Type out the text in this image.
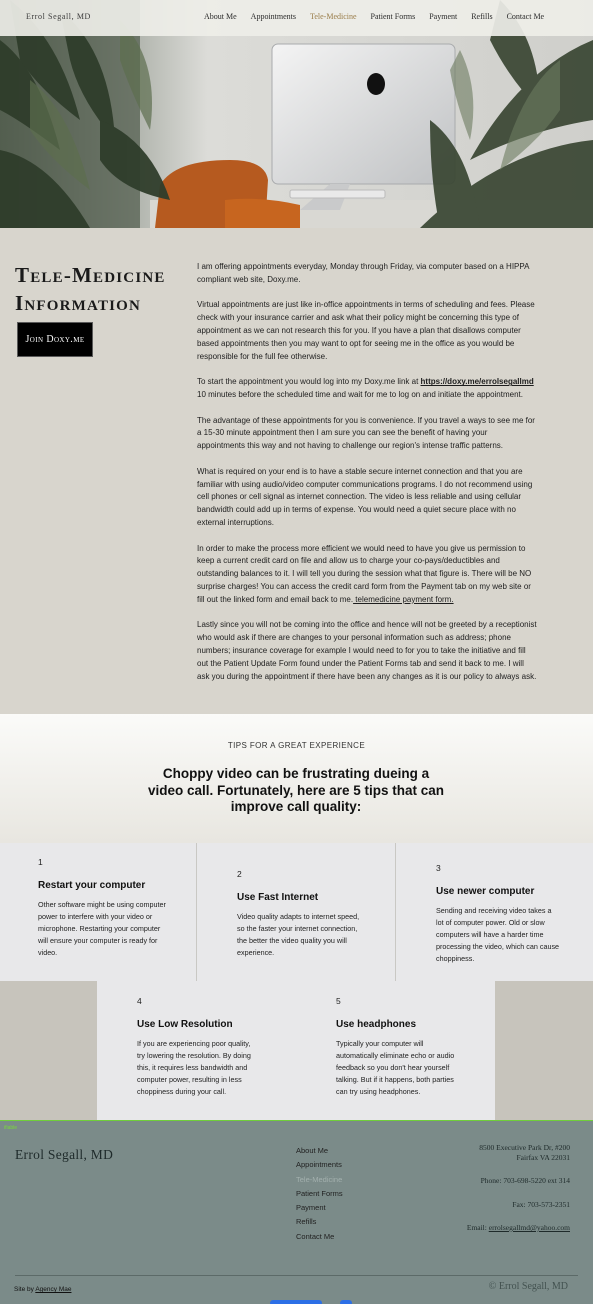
Errol Segall, MD	About Me Appointments Tele-Medicine Patient Forms Payment Refills Contact Me
Tele-Medicine Information
Join Doxy.me

I am offering appointments everyday, Monday through Friday, via computer based on a HIPPA compliant web site, Doxy.me.

Virtual appointments are just like in-office appointments in terms of scheduling and fees. Please check with your insurance carrier and ask what their policy might be concerning this type of appointment as we can not research this for you. If you have a plan that disallows computer based appointments then you may want to opt for seeing me in the office as you would be responsible for the full fee otherwise.

To start the appointment you would log into my Doxy.me link at https://doxy.me/errolsegallmd 10 minutes before the scheduled time and wait for me to log on and initiate the appointment.

The advantage of these appointments for you is convenience. If you travel a ways to see me for a 15-30 minute appointment then I am sure you can see the benefit of having your appointments this way and not having to challenge our region's intense traffic patterns.

What is required on your end is to have a stable secure internet connection and that you are familiar with using audio/video computer communications programs. I do not recommend using cell phones or cell signal as internet connection. The video is less reliable and using cellular bandwidth could add up in terms of expense. You would need a quiet secure place with no external interruptions.

In order to make the process more efficient we would need to have you give us permission to keep a current credit card on file and allow us to charge your co-pays/deductibles and outstanding balances to it. I will tell you during the session what that figure is. There will be NO surprise charges! You can access the credit card form from the Payment tab on my web site or fill out the linked form and email back to me. telemedicine payment form.

Lastly since you will not be coming into the office and hence will not be greeted by a receptionist who would ask if there are changes to your personal information such as address; phone numbers; insurance coverage for example I would need to for you to take the initiative and fill out the Patient Update Form found under the Patient Forms tab and send it back to me. I will ask you during the appointment if there have been any changes as it is our policy to always ask.

TIPS FOR A GREAT EXPERIENCE
Choppy video can be frustrating dueing a video call. Fortunately, here are 5 tips that can improve call quality:
1
Restart your computer
Other software might be using computer power to interfere with your video or microphone. Restarting your computer will ensure your computer is ready for video.
2
Use Fast Internet
Video quality adapts to internet speed, so the faster your internet connection, the better the video quality you will experience.
3
Use newer computer
Sending and receiving video takes a lot of computer power. Old or slow computers will have a harder time processing the video, which can cause choppiness.
4
Use Low Resolution
If you are experiencing poor quality, try lowering the resolution. By doing this, it requires less bandwidth and computer power, resulting in less choppiness during your call.
5
Use headphones
Typically your computer will automatically eliminate echo or audio feedback so you don't hear yourself talking. But if it happens, both parties can try using headphones.
ifiable
Errol Segall, MD	About Me
Appointments
Tele-Medicine
Patient Forms
Payment
Refills
Contact Me
8500 Executive Park Dr, #200
Fairfax VA 22031
Phone: 703-698-5220 ext 314
Fax: 703-573-2351
Email: errolsegallmd@yahoo.com
Site by Agency Mae	© Errol Segall, MD
